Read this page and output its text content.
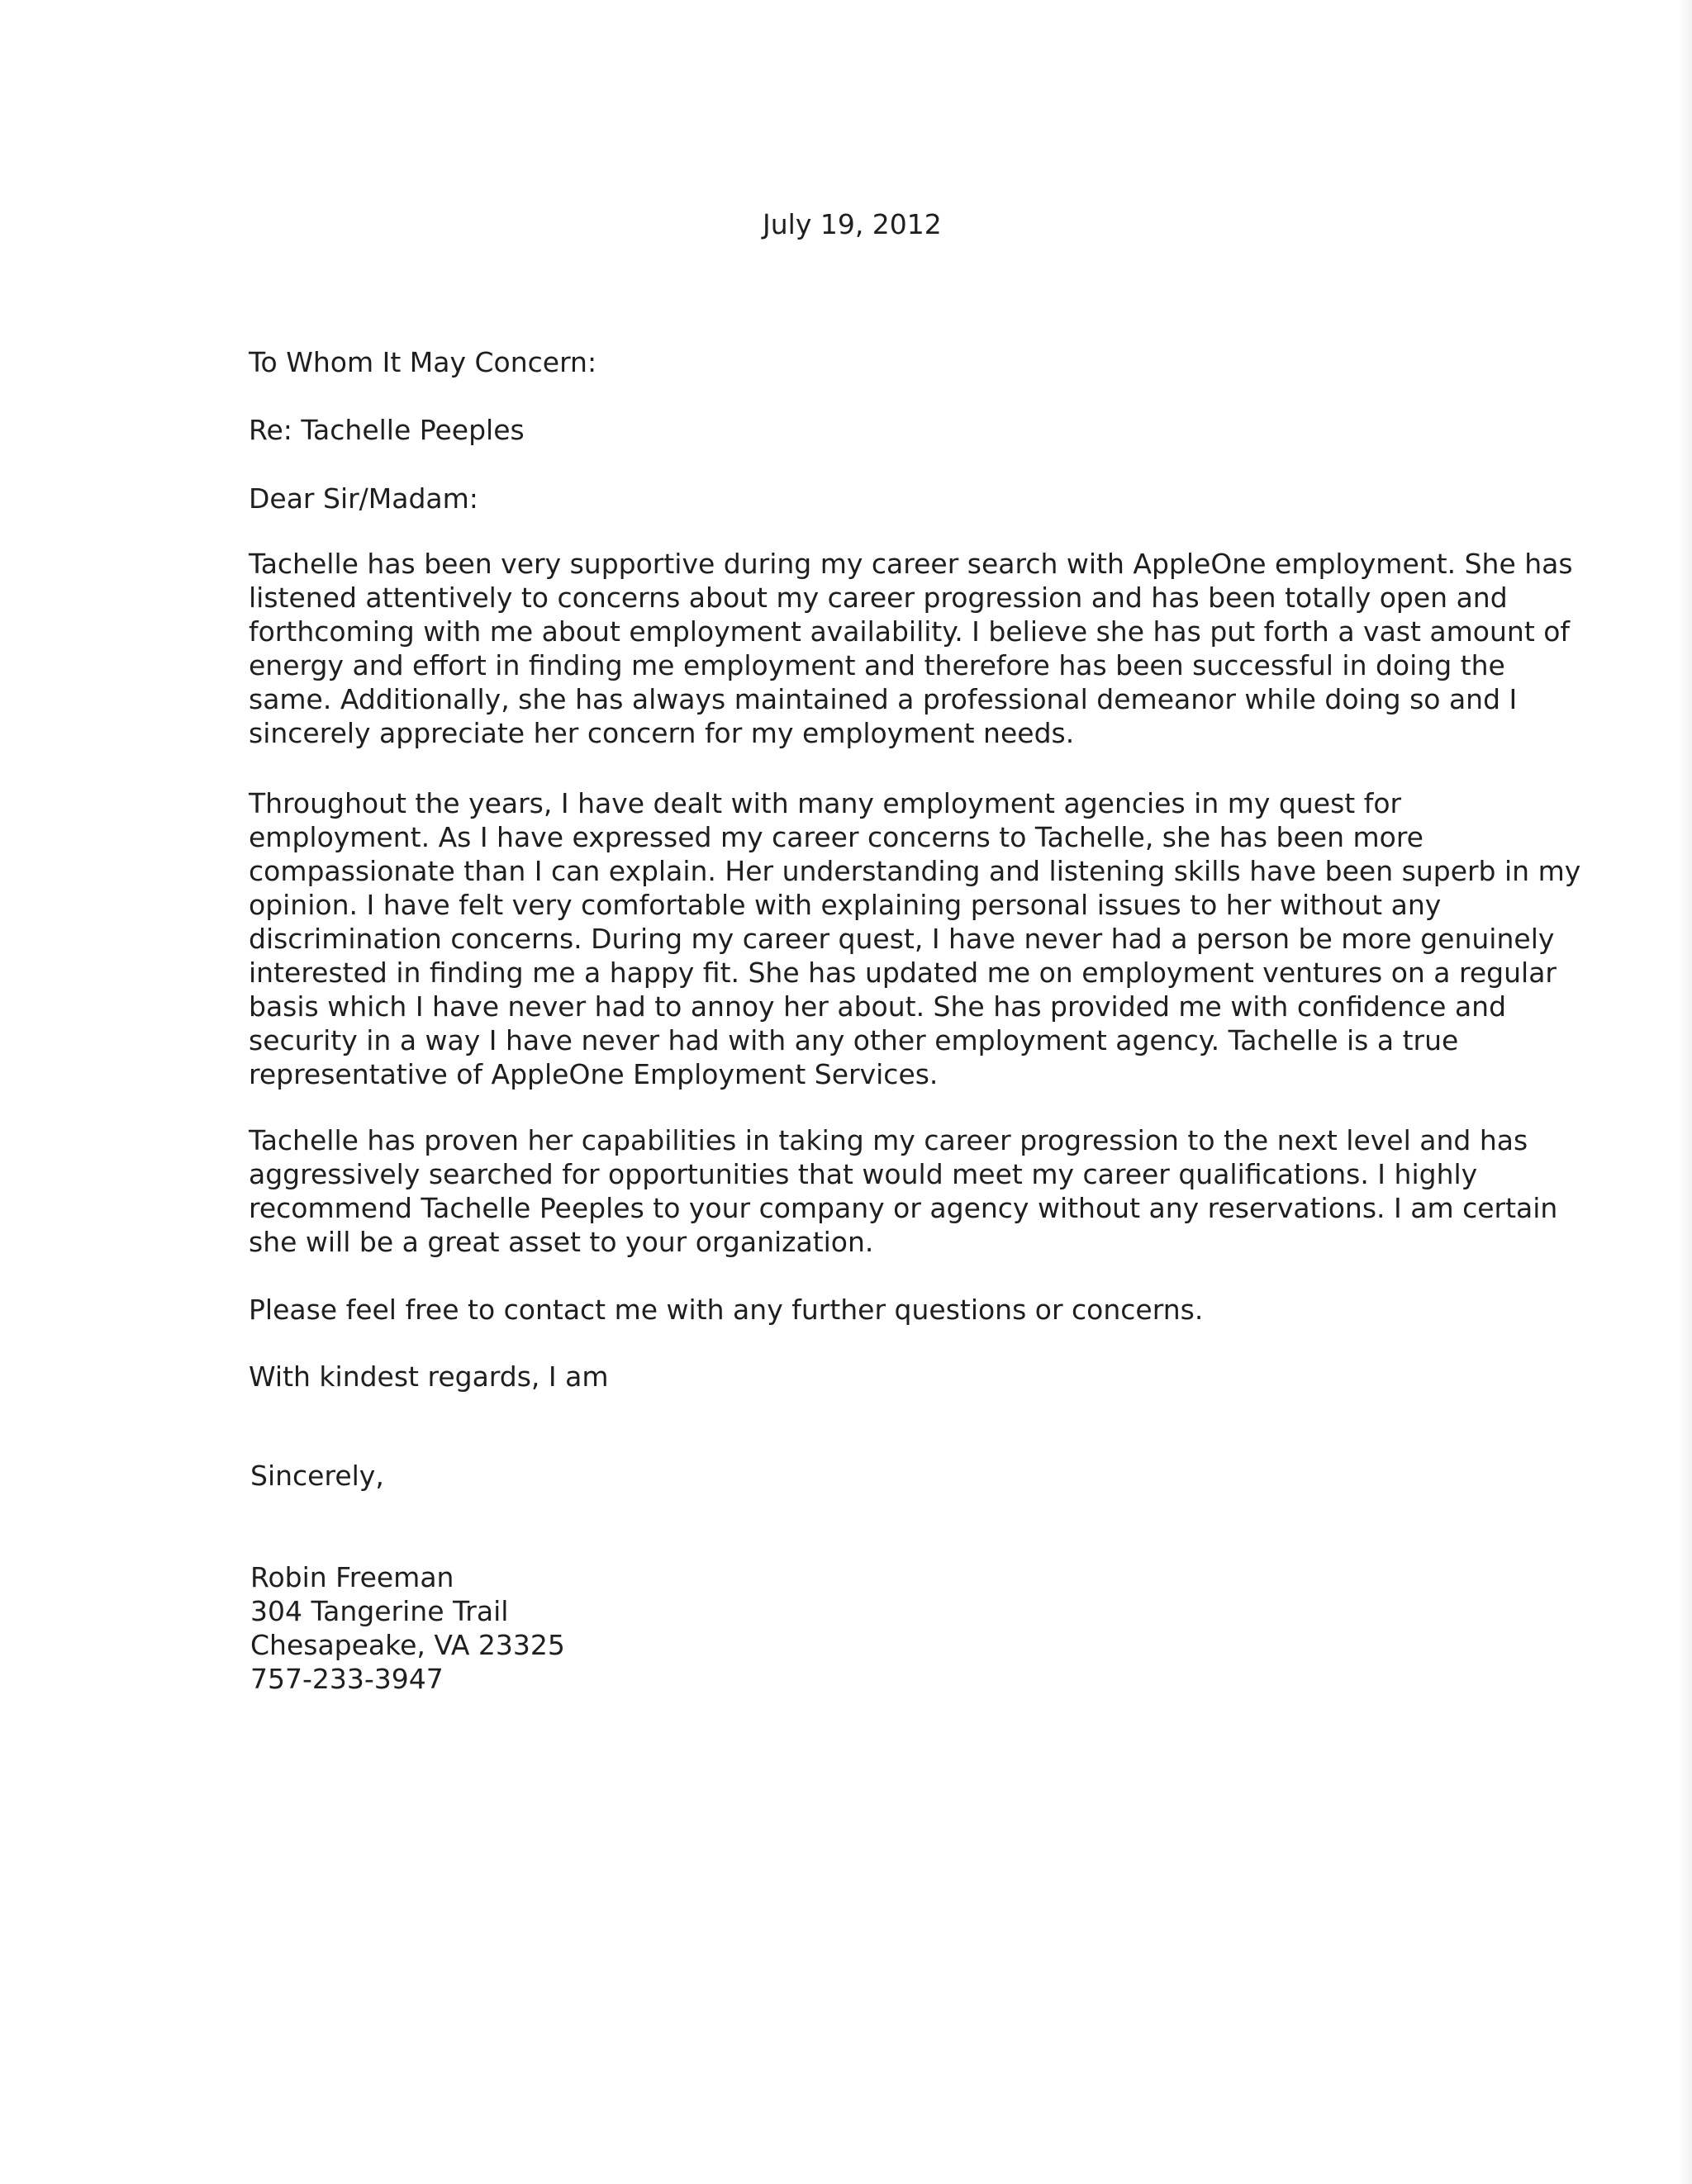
July 19, 2012
To Whom It May Concern:
Re: Tachelle Peeples
Dear Sir/Madam:
Tachelle has been very supportive during my career search with AppleOne employment. She has
listened attentively to concerns about my career progression and has been totally open and
forthcoming with me about employment availability. I believe she has put forth a vast amount of
energy and effort in finding me employment and therefore has been successful in doing the
same. Additionally, she has always maintained a professional demeanor while doing so and I
sincerely appreciate her concern for my employment needs.
Throughout the years, I have dealt with many employment agencies in my quest for
employment. As I have expressed my career concerns to Tachelle, she has been more
compassionate than I can explain. Her understanding and listening skills have been superb in my
opinion. I have felt very comfortable with explaining personal issues to her without any
discrimination concerns. During my career quest, I have never had a person be more genuinely
interested in finding me a happy fit. She has updated me on employment ventures on a regular
basis which I have never had to annoy her about. She has provided me with confidence and
security in a way I have never had with any other employment agency. Tachelle is a true
representative of AppleOne Employment Services.
Tachelle has proven her capabilities in taking my career progression to the next level and has
aggressively searched for opportunities that would meet my career qualifications. I highly
recommend Tachelle Peeples to your company or agency without any reservations. I am certain
she will be a great asset to your organization.
Please feel free to contact me with any further questions or concerns.
With kindest regards, I am
Sincerely,
Robin Freeman
304 Tangerine Trail
Chesapeake, VA 23325
757-233-3947
